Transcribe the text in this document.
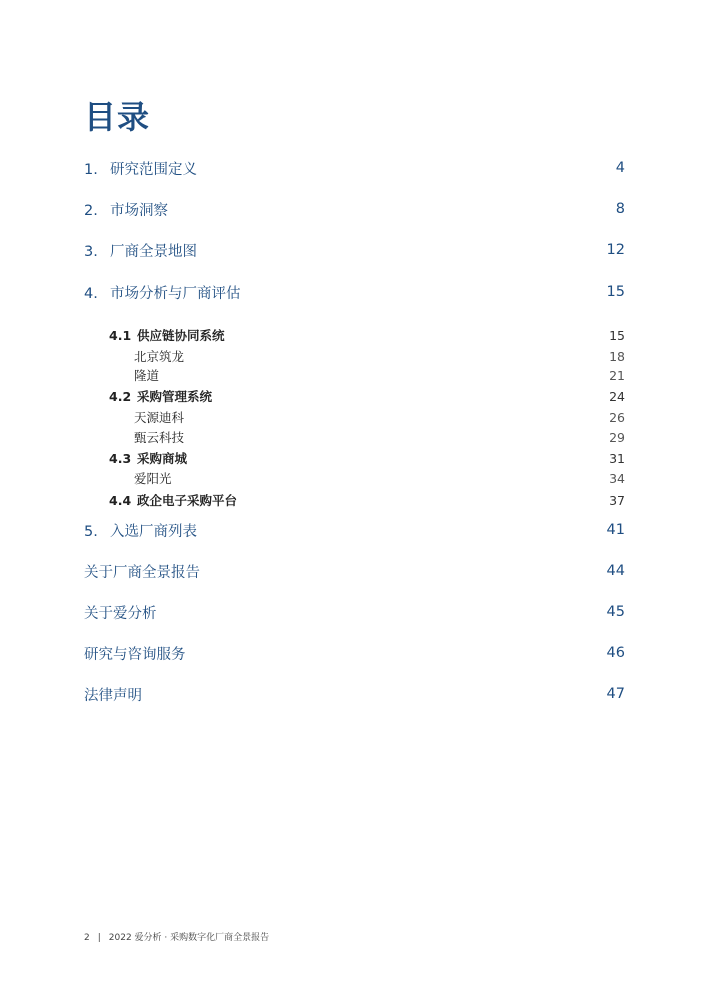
目录
1. 研究范围定义	4
2. 市场洞察	8
3. 厂商全景地图	12
4. 市场分析与厂商评估	15
4.1 供应链协同系统	15
北京筑龙	18
隆道	21
4.2 采购管理系统	24
天源迪科	26
甄云科技	29
4.3 采购商城	31
爱阳光	34
4.4 政企电子采购平台	37
5. 入选厂商列表	41
关于厂商全景报告	44
关于爱分析	45
研究与咨询服务	46
法律声明	47
2 | 2022 爱分析 · 采购数字化厂商全景报告
